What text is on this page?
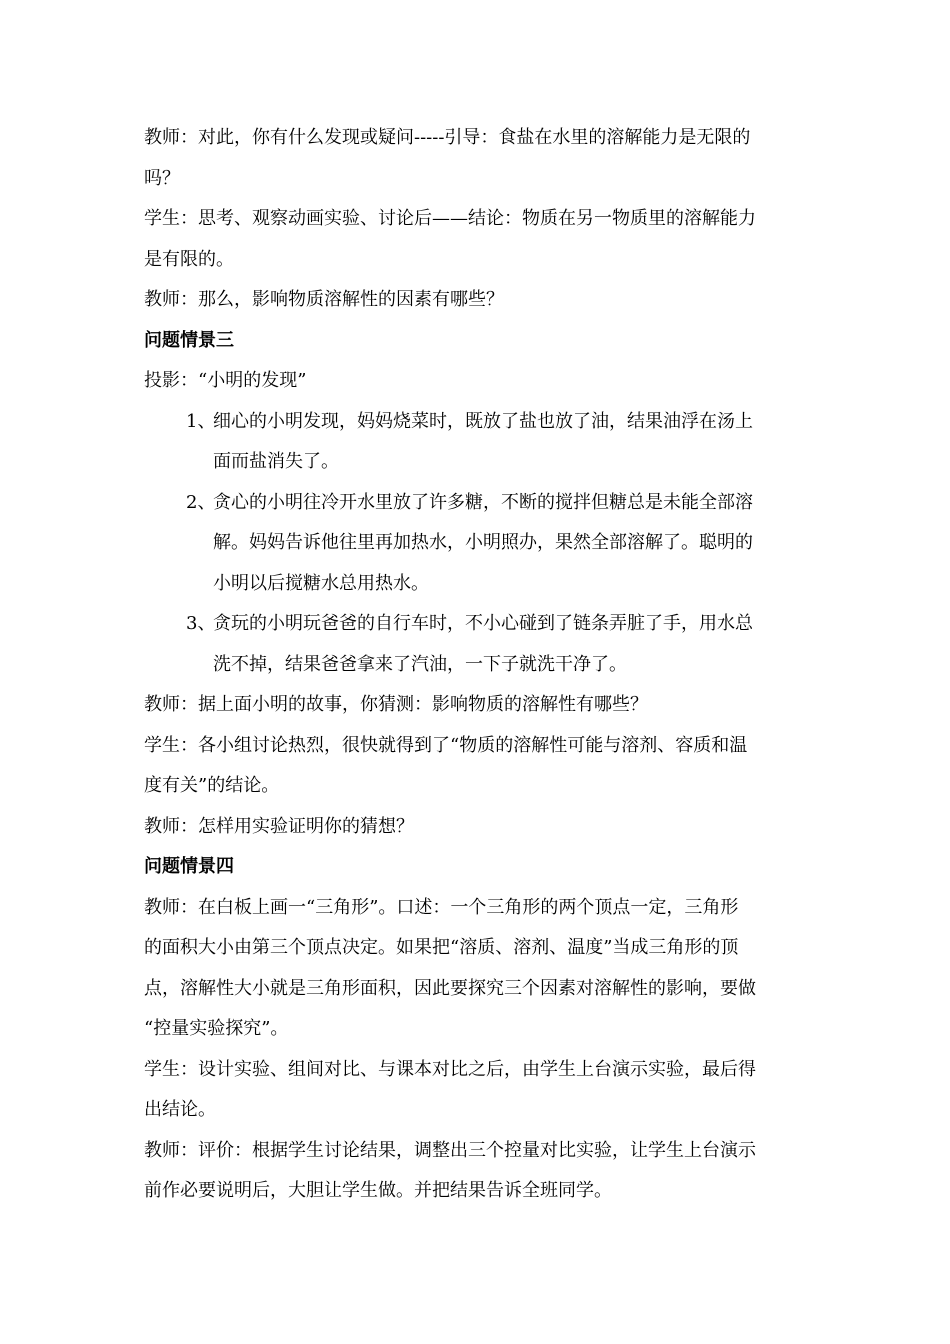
教师：对此，你有什么发现或疑问-----引导：食盐在水里的溶解能力是无限的
吗？
学生：思考、观察动画实验、讨论后——结论：物质在另一物质里的溶解能力
是有限的。
教师：那么，影响物质溶解性的因素有哪些？
问题情景三
投影：“小明的发现”
1、
细心的小明发现，妈妈烧菜时，既放了盐也放了油，结果油浮在汤上
面而盐消失了。
2、
贪心的小明往冷开水里放了许多糖，不断的搅拌但糖总是未能全部溶
解。妈妈告诉他往里再加热水，小明照办，果然全部溶解了。聪明的
小明以后搅糖水总用热水。
3、
贪玩的小明玩爸爸的自行车时，不小心碰到了链条弄脏了手，用水总
洗不掉，结果爸爸拿来了汽油，一下子就洗干净了。
教师：据上面小明的故事，你猜测：影响物质的溶解性有哪些？
学生：各小组讨论热烈，很快就得到了“物质的溶解性可能与溶剂、容质和温
度有关”的结论。
教师：怎样用实验证明你的猜想？
问题情景四
教师：在白板上画一“三角形”。口述：一个三角形的两个顶点一定，三角形
的面积大小由第三个顶点决定。如果把“溶质、溶剂、温度”当成三角形的顶
点，溶解性大小就是三角形面积，因此要探究三个因素对溶解性的影响，要做
“控量实验探究”。
学生：设计实验、组间对比、与课本对比之后，由学生上台演示实验，最后得
出结论。
教师：评价：根据学生讨论结果，调整出三个控量对比实验，让学生上台演示
前作必要说明后，大胆让学生做。并把结果告诉全班同学。
